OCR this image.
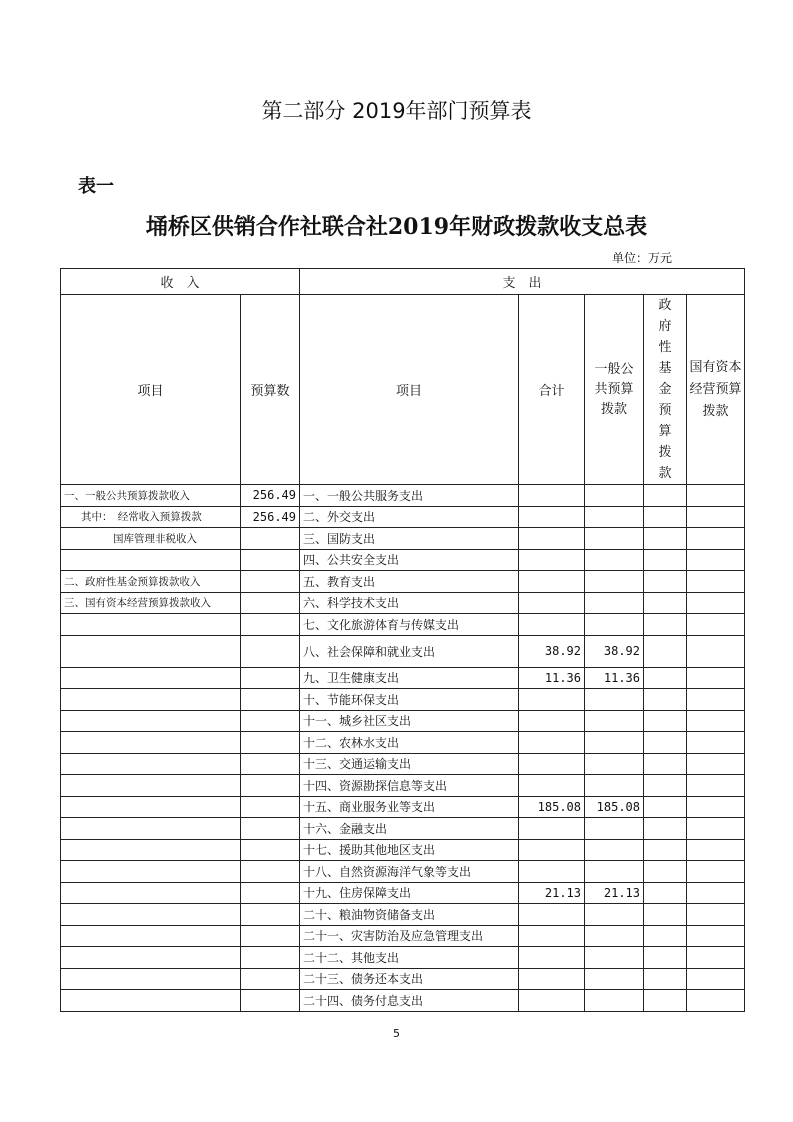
第二部分 2019年部门预算表
表一
埇桥区供销合作社联合社2019年财政拨款收支总表
单位：万元
收　入		支　出				
项目	预算数	项目	合计	一般公共预算拨款	政府性基金预算拨款	国有资本经营预算拨款
一、一般公共预算拨款收入	256.49	一、一般公共服务支出				
其中：　经常收入预算拨款	256.49	二、外交支出				
国库管理非税收入		三、国防支出				
		四、公共安全支出				
二、政府性基金预算拨款收入		五、教育支出				
三、国有资本经营预算拨款收入		六、科学技术支出				
		七、文化旅游体育与传媒支出				
		八、社会保障和就业支出	38.92	38.92		
		九、卫生健康支出	11.36	11.36		
		十、节能环保支出				
		十一、城乡社区支出				
		十二、农林水支出				
		十三、交通运输支出				
		十四、资源勘探信息等支出				
		十五、商业服务业等支出	185.08	185.08		
		十六、金融支出				
		十七、援助其他地区支出				
		十八、自然资源海洋气象等支出				
		十九、住房保障支出	21.13	21.13		
		二十、粮油物资储备支出				
		二十一、灾害防治及应急管理支出				
		二十二、其他支出				
		二十三、债务还本支出				
		二十四、债务付息支出				
5
